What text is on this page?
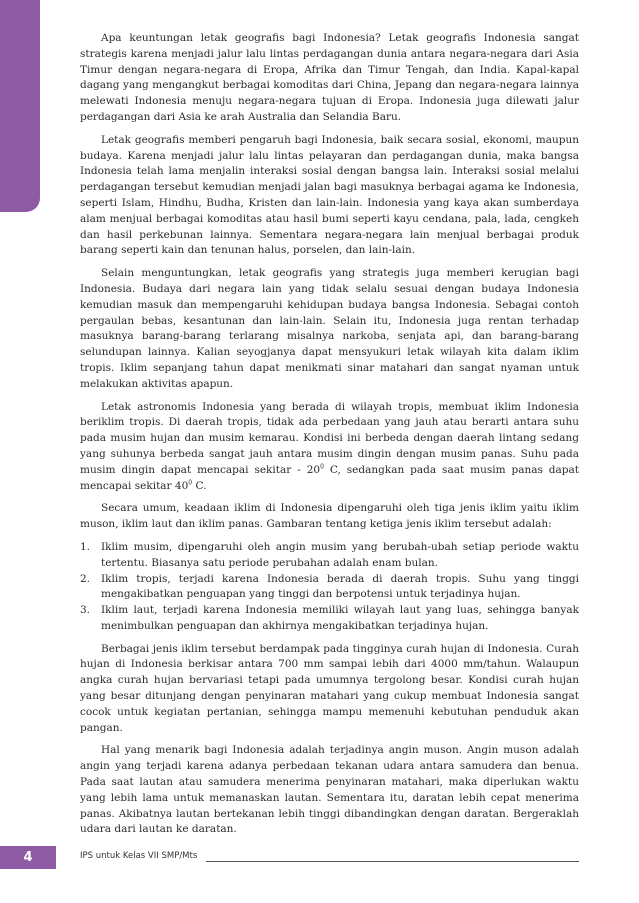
Apa keuntungan letak geografis bagi Indonesia? Letak geografis Indonesia sangat strategis karena menjadi jalur lalu lintas perdagangan dunia antara negara-negara dari Asia Timur dengan negara-negara di Eropa, Afrika dan Timur Tengah, dan India. Kapal-kapal dagang yang mengangkut berbagai komoditas dari China, Jepang dan negara-negara lainnya melewati Indonesia menuju negara-negara tujuan di Eropa. Indonesia juga dilewati jalur perdagangan dari Asia ke arah Australia dan Selandia Baru.

Letak geografis memberi pengaruh bagi Indonesia, baik secara sosial, ekonomi, maupun budaya. Karena menjadi jalur lalu lintas pelayaran dan perdagangan dunia, maka bangsa Indonesia telah lama menjalin interaksi sosial dengan bangsa lain. Interaksi sosial melalui perdagangan tersebut kemudian menjadi jalan bagi masuknya berbagai agama ke Indonesia, seperti Islam, Hindhu, Budha, Kristen dan lain-lain. Indonesia yang kaya akan sumberdaya alam menjual berbagai komoditas atau hasil bumi seperti kayu cendana, pala, lada, cengkeh dan hasil perkebunan lainnya. Sementara negara-negara lain menjual berbagai produk barang seperti kain dan tenunan halus, porselen, dan lain-lain.

Selain menguntungkan, letak geografis yang strategis juga memberi kerugian bagi Indonesia. Budaya dari negara lain yang tidak selalu sesuai dengan budaya Indonesia kemudian masuk dan mempengaruhi kehidupan budaya bangsa Indonesia. Sebagai contoh pergaulan bebas, kesantunan dan lain-lain. Selain itu, Indonesia juga rentan terhadap masuknya barang-barang terlarang misalnya narkoba, senjata api, dan barang-barang selundupan lainnya. Kalian seyogjanya dapat mensyukuri letak wilayah kita dalam iklim tropis. Iklim sepanjang tahun dapat menikmati sinar matahari dan sangat nyaman untuk melakukan aktivitas apapun.

Letak astronomis Indonesia yang berada di wilayah tropis, membuat iklim Indonesia beriklim tropis. Di daerah tropis, tidak ada perbedaan yang jauh atau berarti antara suhu pada musim hujan dan musim kemarau. Kondisi ini berbeda dengan daerah lintang sedang yang suhunya berbeda sangat jauh antara musim dingin dengan musim panas. Suhu pada musim dingin dapat mencapai sekitar - $20^0$ C, sedangkan pada saat musim panas dapat mencapai sekitar $40^0$ C.

Secara umum, keadaan iklim di Indonesia dipengaruhi oleh tiga jenis iklim yaitu iklim muson, iklim laut dan iklim panas. Gambaran tentang ketiga jenis iklim tersebut adalah:

1. Iklim musim, dipengaruhi oleh angin musim yang berubah-ubah setiap periode waktu tertentu. Biasanya satu periode perubahan adalah enam bulan.
2. Iklim tropis, terjadi karena Indonesia berada di daerah tropis. Suhu yang tinggi mengakibatkan penguapan yang tinggi dan berpotensi untuk terjadinya hujan.
3. Iklim laut, terjadi karena Indonesia memiliki wilayah laut yang luas, sehingga banyak menimbulkan penguapan dan akhirnya mengakibatkan terjadinya hujan.

Berbagai jenis iklim tersebut berdampak pada tingginya curah hujan di Indonesia. Curah hujan di Indonesia berkisar antara 700 mm sampai lebih dari 4000 mm/tahun. Walaupun angka curah hujan bervariasi tetapi pada umumnya tergolong besar. Kondisi curah hujan yang besar ditunjang dengan penyinaran matahari yang cukup membuat Indonesia sangat cocok untuk kegiatan pertanian, sehingga mampu memenuhi kebutuhan penduduk akan pangan.

Hal yang menarik bagi Indonesia adalah terjadinya angin muson. Angin muson adalah angin yang terjadi karena adanya perbedaan tekanan udara antara samudera dan benua. Pada saat lautan atau samudera menerima penyinaran matahari, maka diperlukan waktu yang lebih lama untuk memanaskan lautan. Sementara itu, daratan lebih cepat menerima panas. Akibatnya lautan bertekanan lebih tinggi dibandingkan dengan daratan. Bergeraklah udara dari lautan ke daratan.

4	IPS untuk Kelas VII SMP/Mts
